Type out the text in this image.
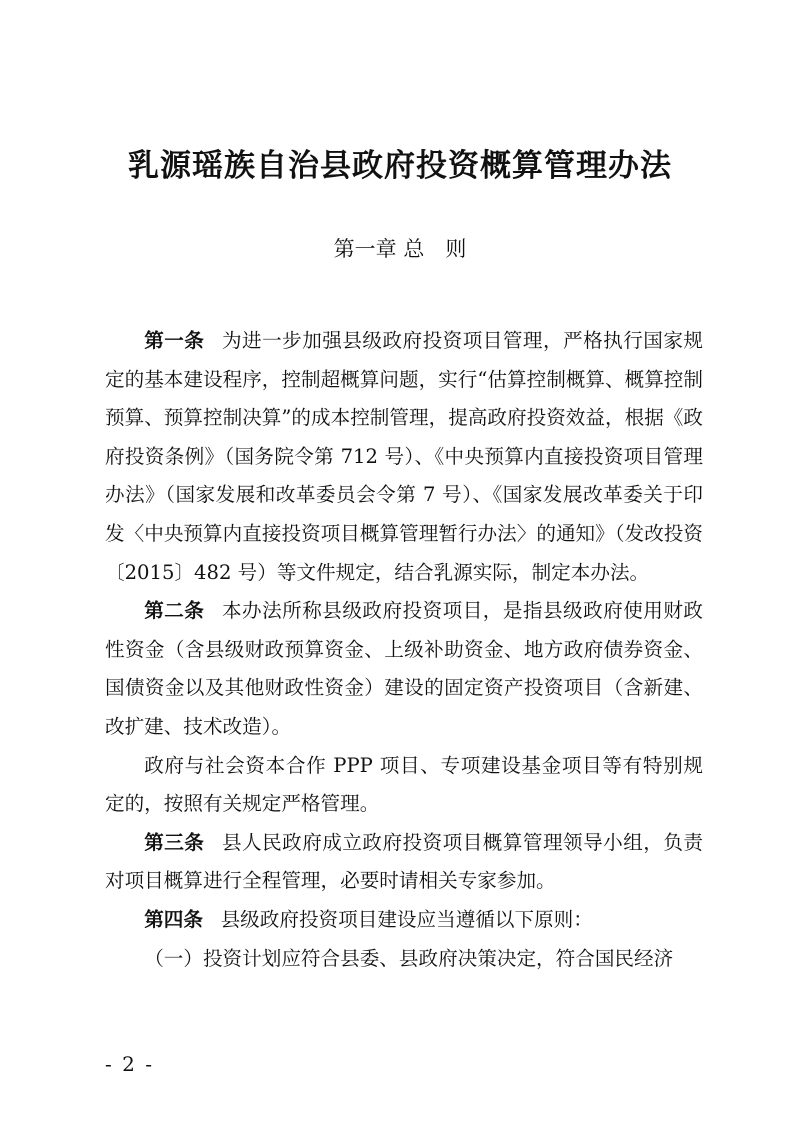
乳源瑶族自治县政府投资概算管理办法
第一章 总　则

第一条 为进一步加强县级政府投资项目管理，严格执行国家规定的基本建设程序，控制超概算问题，实行“估算控制概算、概算控制预算、预算控制决算”的成本控制管理，提高政府投资效益，根据《政府投资条例》（国务院令第 712 号）、《中央预算内直接投资项目管理办法》（国家发展和改革委员会令第 7 号）、《国家发展改革委关于印发〈中央预算内直接投资项目概算管理暂行办法〉的通知》（发改投资〔2015〕482 号）等文件规定，结合乳源实际，制定本办法。

第二条 本办法所称县级政府投资项目，是指县级政府使用财政性资金（含县级财政预算资金、上级补助资金、地方政府债券资金、国债资金以及其他财政性资金）建设的固定资产投资项目（含新建、改扩建、技术改造）。

政府与社会资本合作 PPP 项目、专项建设基金项目等有特别规定的，按照有关规定严格管理。

第三条 县人民政府成立政府投资项目概算管理领导小组，负责对项目概算进行全程管理，必要时请相关专家参加。

第四条 县级政府投资项目建设应当遵循以下原则：

（一）投资计划应符合县委、县政府决策决定，符合国民经济

- 2 -
